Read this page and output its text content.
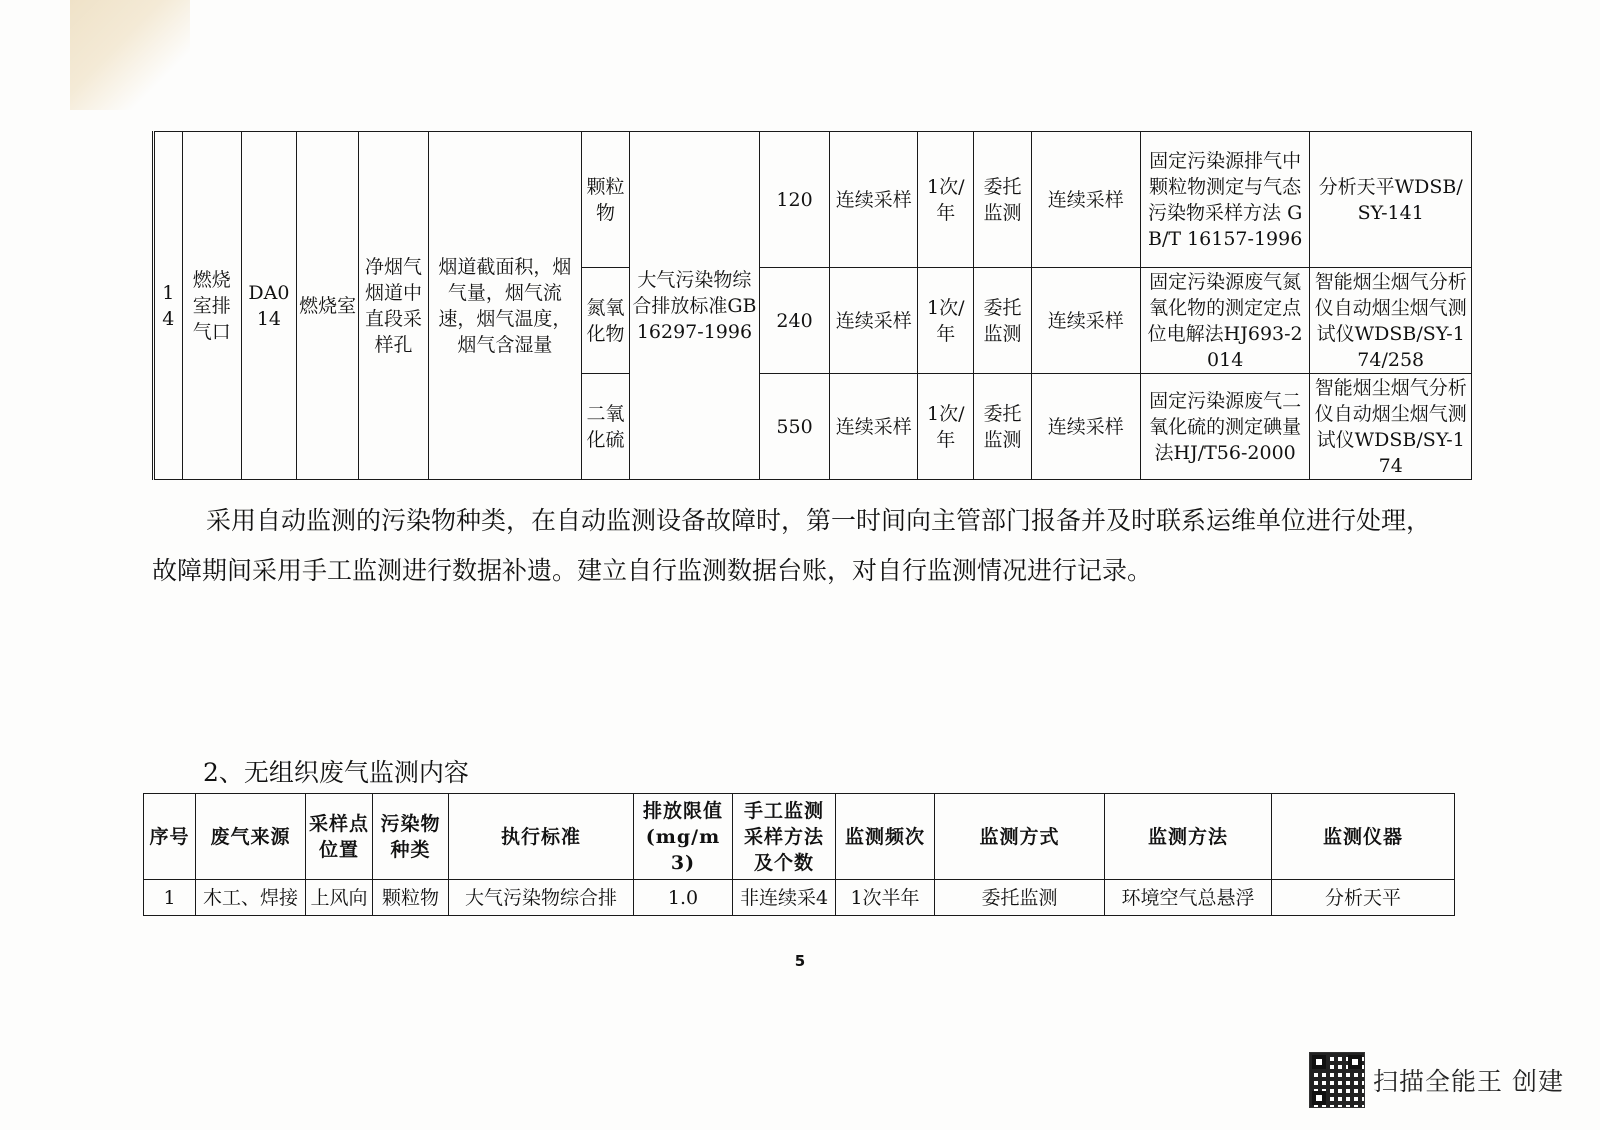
14	燃烧室排气口	DA014	燃烧室	净烟气烟道中直段采样孔	烟道截面积，烟气量，烟气流速，烟气温度，烟气含湿量	颗粒物	大气污染物综合排放标准GB16297-1996	120	连续采样	1次/年	委托监测	连续采样	固定污染源排气中颗粒物测定与气态污染物采样方法 GB/T 16157-1996	分析天平WDSB/SY-141
						氮氧化物		240	连续采样	1次/年	委托监测	连续采样	固定污染源废气氮氧化物的测定定点位电解法HJ693-2014	智能烟尘烟气分析仪自动烟尘烟气测试仪WDSB/SY-174/258
						二氧化硫		550	连续采样	1次/年	委托监测	连续采样	固定污染源废气二氧化硫的测定碘量法HJ/T56-2000	智能烟尘烟气分析仪自动烟尘烟气测试仪WDSB/SY-174
采用自动监测的污染物种类，在自动监测设备故障时，第一时间向主管部门报备并及时联系运维单位进行处理，故障期间采用手工监测进行数据补遗。建立自行监测数据台账，对自行监测情况进行记录。
2、无组织废气监测内容
序号	废气来源	采样点位置	污染物种类	执行标准	排放限值(mg/m3)	手工监测采样方法及个数	监测频次	监测方式	监测方法	监测仪器
1	木工、焊接	上风向	颗粒物	大气污染物综合排	1.0	非连续采4	1次半年	委托监测	环境空气总悬浮	分析天平
5
扫描全能王 创建
